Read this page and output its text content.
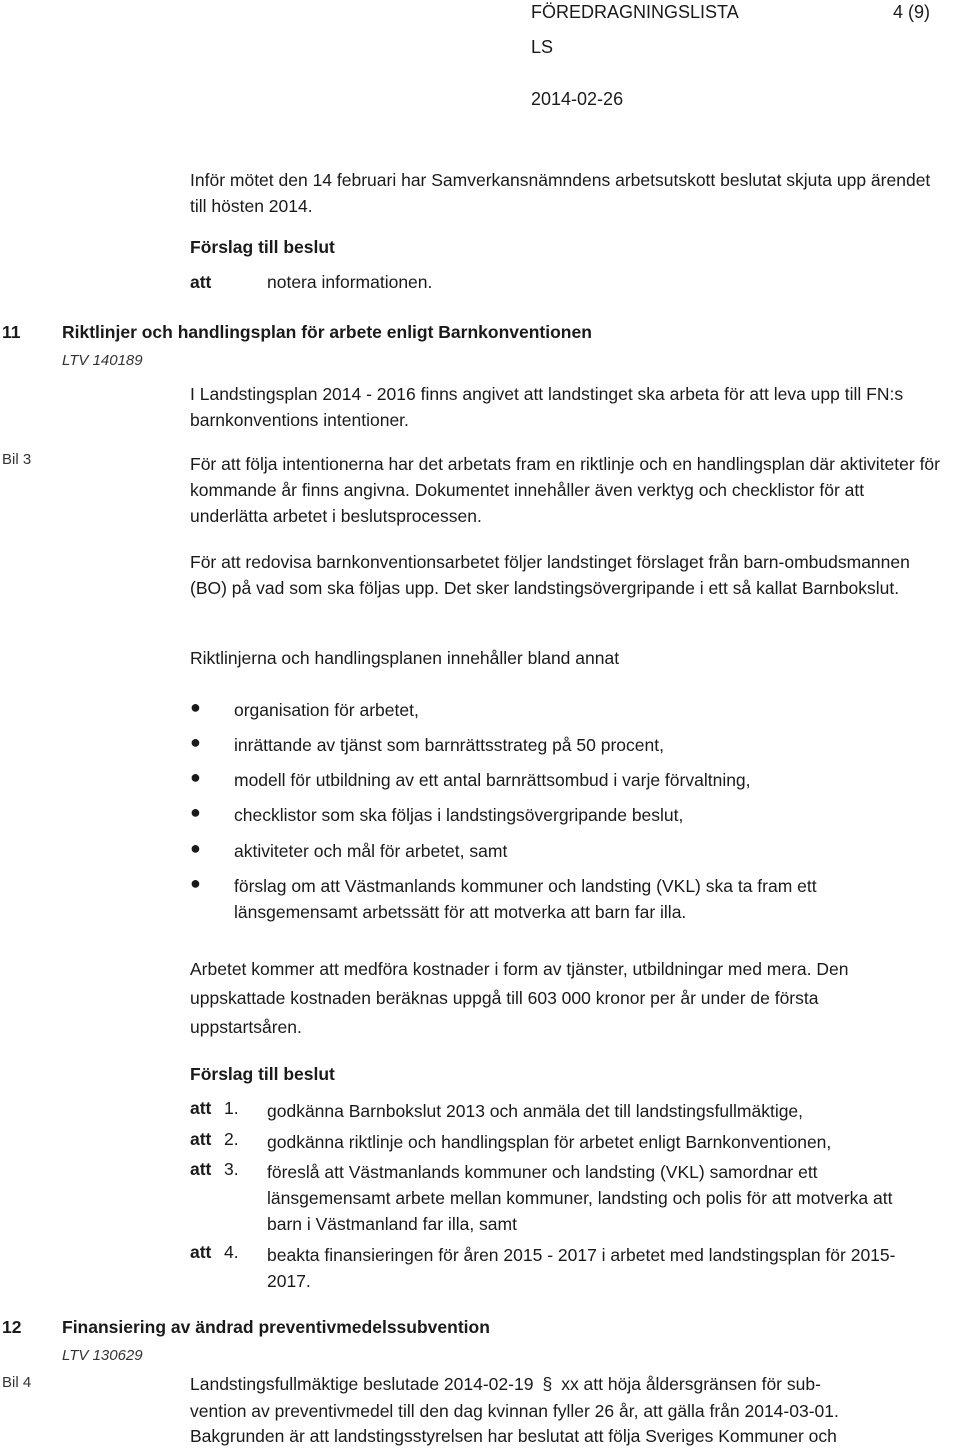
FÖREDRAGNINGSLISTA	4 (9)
LS
2014-02-26
Inför mötet den 14 februari har Samverkansnämndens arbetsutskott beslutat skjuta upp ärendet till hösten 2014.
Förslag till beslut
att	notera informationen.
11 Riktlinjer och handlingsplan för arbete enligt Barnkonventionen
LTV 140189
I Landstingsplan 2014 - 2016 finns angivet att landstinget ska arbeta för att leva upp till FN:s barnkonventions intentioner.
Bil 3	För att följa intentionerna har det arbetats fram en riktlinje och en handlingsplan där aktiviteter för kommande år finns angivna. Dokumentet innehåller även verktyg och checklistor för att underlätta arbetet i beslutsprocessen.
För att redovisa barnkonventionsarbetet följer landstinget förslaget från barn-ombudsmannen (BO) på vad som ska följas upp. Det sker landstingsövergripande i ett så kallat Barnbokslut.
Riktlinjerna och handlingsplanen innehåller bland annat
● organisation för arbetet,
● inrättande av tjänst som barnrättsstrateg på 50 procent,
● modell för utbildning av ett antal barnrättsombud i varje förvaltning,
● checklistor som ska följas i landstingsövergripande beslut,
● aktiviteter och mål för arbetet, samt
● förslag om att Västmanlands kommuner och landsting (VKL) ska ta fram ett länsgemensamt arbetssätt för att motverka att barn far illa.
Arbetet kommer att medföra kostnader i form av tjänster, utbildningar med mera. Den uppskattade kostnaden beräknas uppgå till 603 000 kronor per år under de första uppstartsåren.
Förslag till beslut
att 1. godkänna Barnbokslut 2013 och anmäla det till landstingsfullmäktige,
att 2. godkänna riktlinje och handlingsplan för arbetet enligt Barnkonventionen,
att 3. föreslå att Västmanlands kommuner och landsting (VKL) samordnar ett länsgemensamt arbete mellan kommuner, landsting och polis för att motverka att barn i Västmanland far illa, samt
att 4. beakta finansieringen för åren 2015 - 2017 i arbetet med landstingsplan för 2015- 2017.
12 Finansiering av ändrad preventivmedelssubvention
LTV 130629
Bil 4	Landstingsfullmäktige beslutade 2014-02-19 § xx att höja åldersgränsen för sub-
vention av preventivmedel till den dag kvinnan fyller 26 år, att gälla från 2014-03-01.
Bakgrunden är att landstingsstyrelsen har beslutat att följa Sveriges Kommuner och
